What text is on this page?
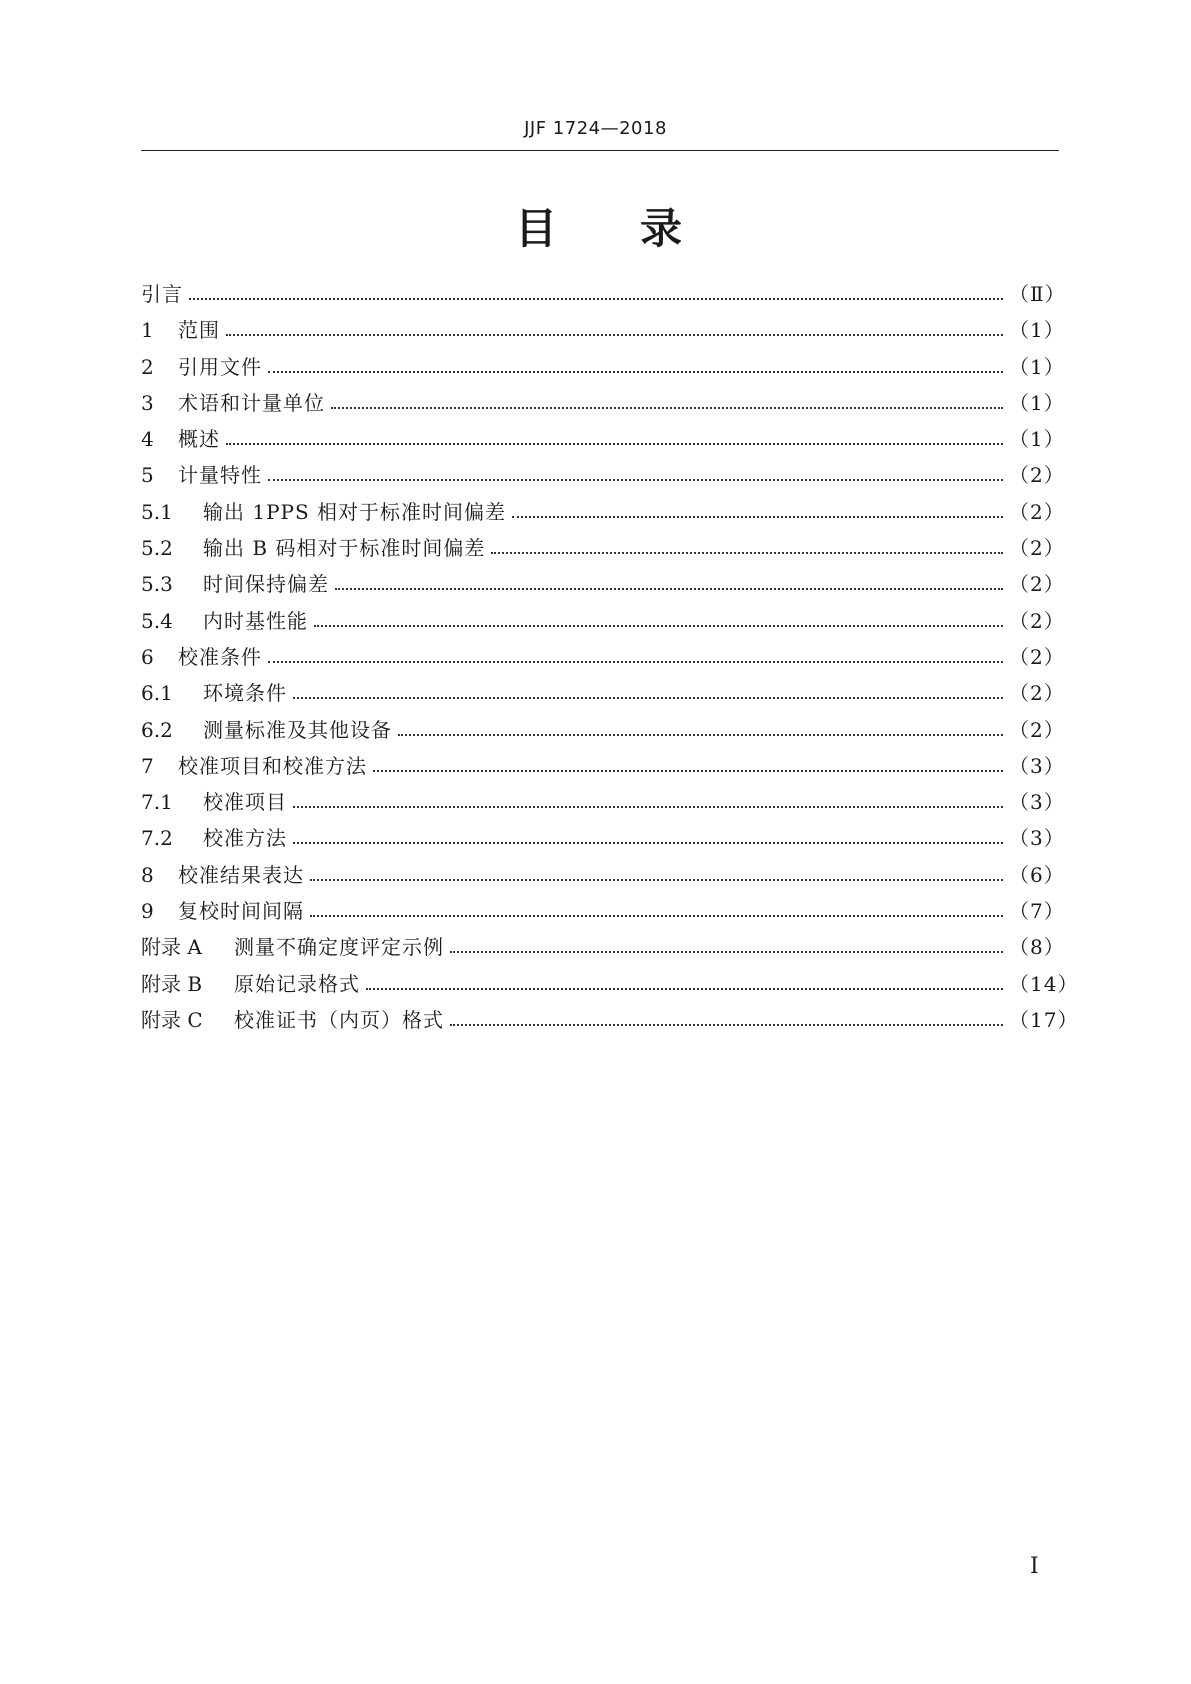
JJF 1724—2018
目 录
引言	（Ⅱ）
1	范围	（1）
2	引用文件	（1）
3	术语和计量单位	（1）
4	概述	（1）
5	计量特性	（2）
5.1	输出 1PPS 相对于标准时间偏差	（2）
5.2	输出 B 码相对于标准时间偏差	（2）
5.3	时间保持偏差	（2）
5.4	内时基性能	（2）
6	校准条件	（2）
6.1	环境条件	（2）
6.2	测量标准及其他设备	（2）
7	校准项目和校准方法	（3）
7.1	校准项目	（3）
7.2	校准方法	（3）
8	校准结果表达	（6）
9	复校时间间隔	（7）
附录 A	测量不确定度评定示例	（8）
附录 B	原始记录格式	（14）
附录 C	校准证书（内页）格式	（17）
Ⅰ
